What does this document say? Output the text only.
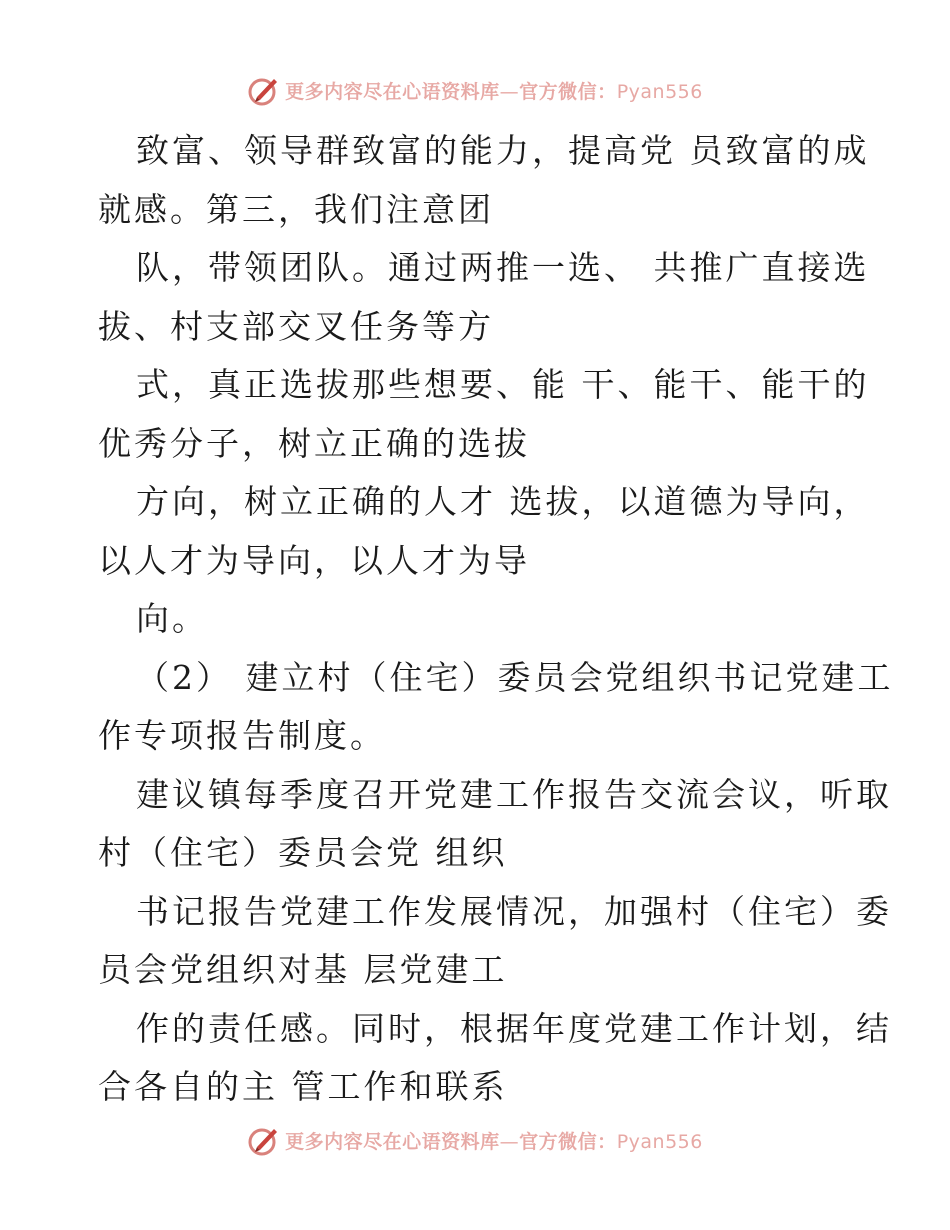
更多内容尽在心语资料库—官方微信：Pyan556

致富、领导群致富的能力，提高党 员致富的成
就感。第三，我们注意团

队，带领团队。通过两推一选、 共推广直接选
拔、村支部交叉任务等方

式，真正选拔那些想要、能 干、能干、能干的
优秀分子，树立正确的选拔

方向，树立正确的人才 选拔，以道德为导向，
以人才为导向，以人才为导

向。

（2） 建立村（住宅）委员会党组织书记党建工
作专项报告制度。

建议镇每季度召开党建工作报告交流会议，听取
村（住宅）委员会党 组织

书记报告党建工作发展情况，加强村（住宅）委
员会党组织对基 层党建工

作的责任感。同时，根据年度党建工作计划，结
合各自的主 管工作和联系

更多内容尽在心语资料库—官方微信：Pyan556
